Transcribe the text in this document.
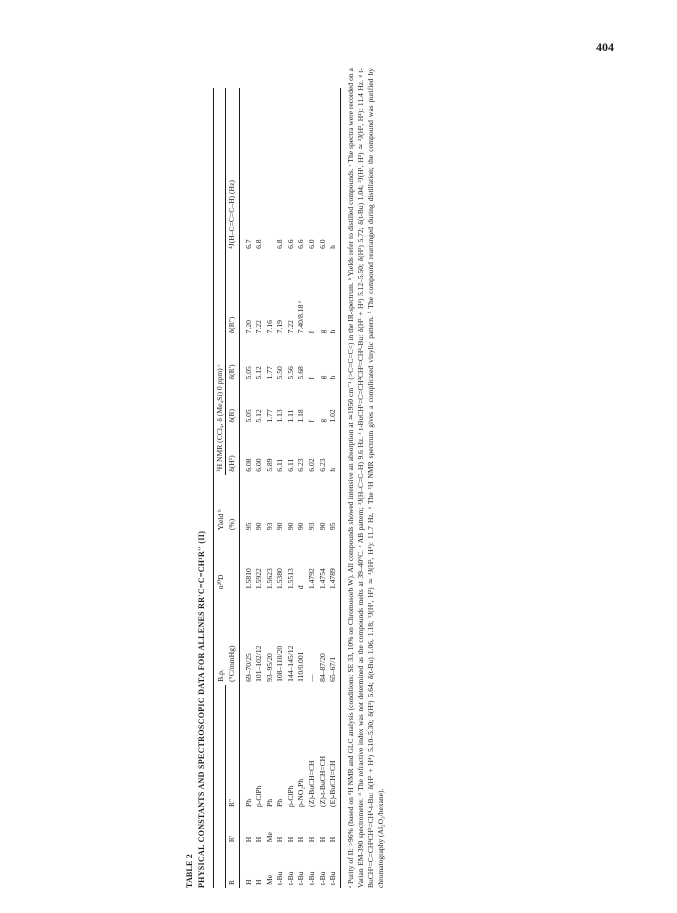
404
TABLE 2 PHYSICAL CONSTANTS AND SPECTROSCOPIC DATA FOR ALLENES RR'C=C=CH¹R'' (II)
			B.p.	n²⁰D	Yield ᵇ	¹H NMR (CCl₄, δ (Me₄Si) 0 ppm) ᶜ				
R	R'	R''	(°C/mmHg)		(%)	δ(H¹)	δ(R)	δ(R')	δ(R'')	⁴J(H–C=C=C–H) (Hz)
H	H	Ph	69–70/25	1.5810	95	6.08	5.05	5.05	7.20	6.7
H	H	p-ClPh	101–102/12	1.5922	90	6.00	5.12	5.12	7.22	6.8
Me	Me	Ph	93–95/20	1.5623	93	5.89	1.77	1.77	7.16	
t-Bu	H	Ph	108–110/20	1.5380	90	6.11	1.13	5.50	7.19	6.8
t-Bu	H	p-ClPh	144–145/12	1.5513	90	6.11	1.11	5.56	7.22	6.6
t-Bu	H	p-NO₂Ph	110/0.001	d	90	6.23	1.18	5.68	7.40/8.18 ᵉ	6.6
t-Bu	H	(Z)-BuCH=CH	—	1.4792	93	6.02	f	f	f	6.0
t-Bu	H	(Z)-t-BuCH=CH	84–87/20	1.4754	90	6.23	g	g	g	6.0
t-Bu	H	(E)-BuCH=CH	65–67/1	1.4789	95	h	1.02	h	h	h ᵃ Purity of II: >96% (based on ¹H NMR and GLC analysis (conditions: SE 33, 10% on Chromosorb W). All compounds showed intensive an absorption at ≃1950 cm⁻¹ (>C=C=C<) in the IR-spectrum. ᵇ Yields refer to distilled compounds. ᶜ The spectra were recorded on a Varian EM-390 spectrometer. ᵈ The refractive index was not determined as the compounds melts at 39–40°C. ᵉ AB pattern; ³J(H–C=C–H) 9.6 Hz. ᶠ t-BuCH¹=C=CH²CH³=CH⁴-Bu: δ(H² + H⁴) 5.12–5.50; δ(H³) 5.72; δ(t-Bu) 1.04; ³J(H¹, H²) ≃ ³J(H³, H⁴): 11.4 Hz. ᵍ t-BuCH¹=C=CH²CH³=CH⁴-t-Bu: δ(H² + H⁴) 5.10–5.30; δ(H³) 5.64; δ(t-Bu) 1.06, 1.18; ³J(H¹, H²) ≃ ³J(H³, H⁴): 11.7 Hz. ʰ The ¹H NMR spectrum gives a complicated vinylic pattern. ⁱ The compound rearranged during distillation; the compound was purified by chromatography (Al₂O₃/hexane).
